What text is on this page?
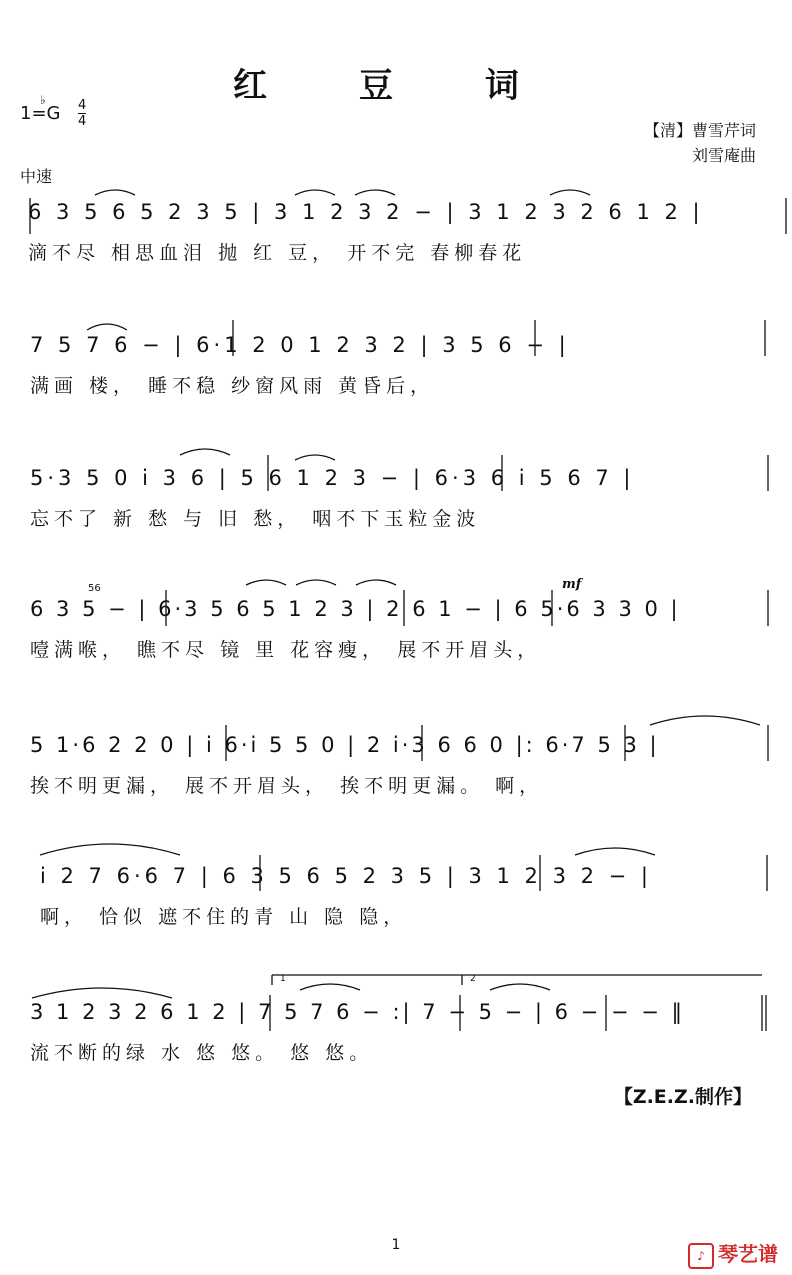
红 豆 词
1=G
♭ 4
4	【清】曹雪芹词
刘雪庵曲
中速
6 3 5 6 5 2 3 5 | 3 1 2 3 2 − | 3 1 2 3 2 6 1 2 |
滴不尽 相思血泪 抛 红 豆， 开不完 春柳春花
7 5 7 6 − | 6·1 2 0 1 2 3 2 | 3 5 6 − |
满画 楼， 睡不稳 纱窗风雨 黄昏后，
5·3 5 0 i 3 6 | 5 6 1 2 3 − | 6·3 6 i 5 6 7 |
忘不了 新 愁 与 旧 愁， 咽不下玉粒金波
56	mf
6 3 5 − | 6·3 5 6 5 1 2 3 | 2 6 1 − | 6 5·6 3 3 0 |
噎满喉， 瞧不尽 镜 里 花容瘦， 展不开眉头，
5 1·6 2 2 0 | i 6·i 5 5 0 | 2 i·3 6 6 0 |: 6·7 5 3 |
挨不明更漏， 展不开眉头， 挨不明更漏。 啊，
i 2 7 6·6 7 | 6 3 5 6 5 2 3 5 | 3 1 2 3 2 − |
啊， 恰似 遮不住的青 山 隐 隐，
1	2
3 1 2 3 2 6 1 2 | 7 5 7 6 − :| 7 − 5 − | 6 − − − ‖
流不断的绿 水 悠 悠。 悠 悠。
【Z.E.Z.制作】
1
♪ 琴艺谱
